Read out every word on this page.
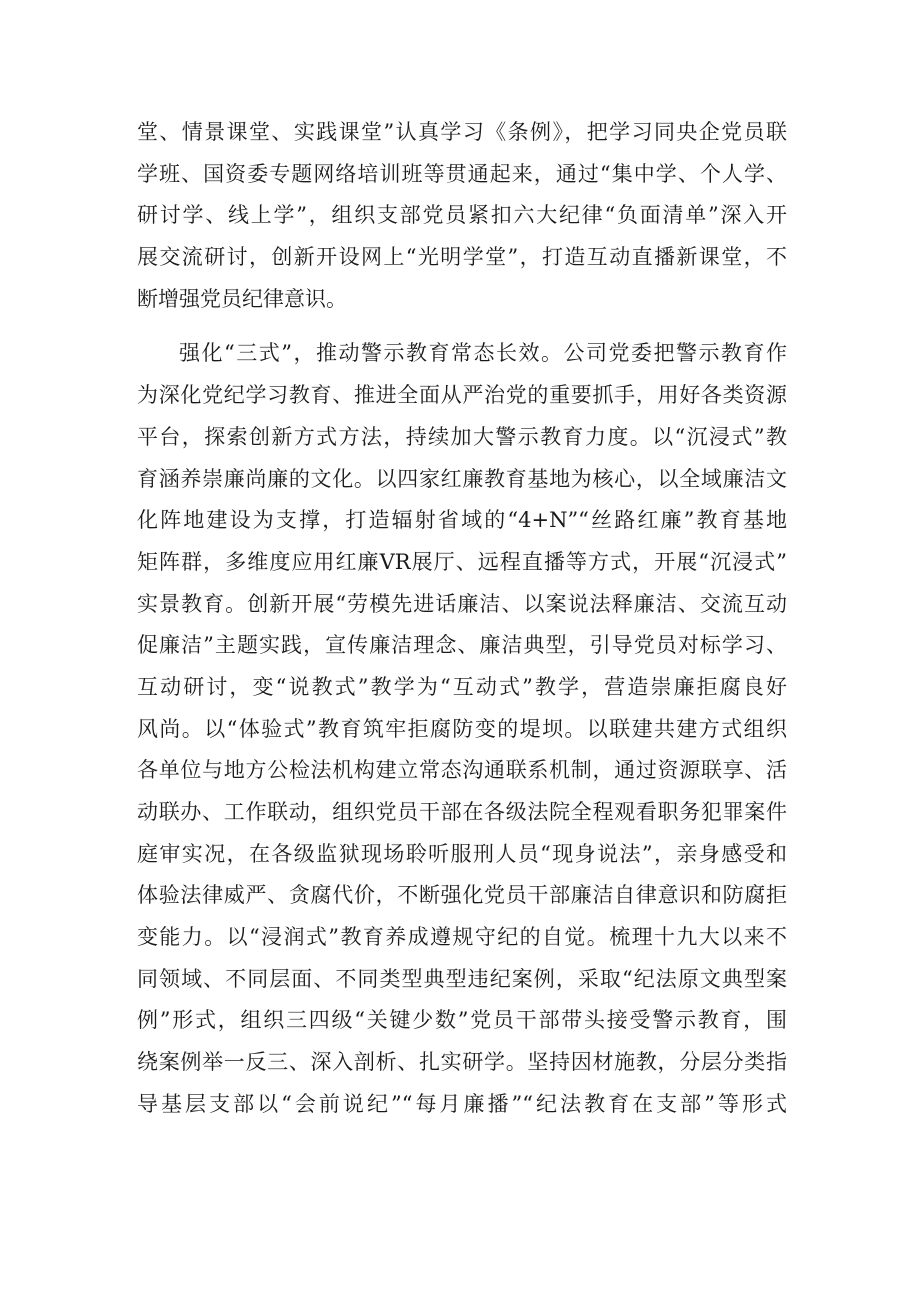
堂、情景课堂、实践课堂”认真学习《条例》，把学习同央企党员联
学班、国资委专题网络培训班等贯通起来，通过“集中学、个人学、
研讨学、线上学”，组织支部党员紧扣六大纪律“负面清单”深入开
展交流研讨，创新开设网上“光明学堂”，打造互动直播新课堂，不
断增强党员纪律意识。
强化“三式”，推动警示教育常态长效。公司党委把警示教育作
为深化党纪学习教育、推进全面从严治党的重要抓手，用好各类资源
平台，探索创新方式方法，持续加大警示教育力度。以“沉浸式”教
育涵养崇廉尚廉的文化。以四家红廉教育基地为核心，以全域廉洁文
化阵地建设为支撑，打造辐射省域的“4+N”“丝路红廉”教育基地
矩阵群，多维度应用红廉VR展厅、远程直播等方式，开展“沉浸式”
实景教育。创新开展“劳模先进话廉洁、以案说法释廉洁、交流互动
促廉洁”主题实践，宣传廉洁理念、廉洁典型，引导党员对标学习、
互动研讨，变“说教式”教学为“互动式”教学，营造崇廉拒腐良好
风尚。以“体验式”教育筑牢拒腐防变的堤坝。以联建共建方式组织
各单位与地方公检法机构建立常态沟通联系机制，通过资源联享、活
动联办、工作联动，组织党员干部在各级法院全程观看职务犯罪案件
庭审实况，在各级监狱现场聆听服刑人员“现身说法”，亲身感受和
体验法律威严、贪腐代价，不断强化党员干部廉洁自律意识和防腐拒
变能力。以“浸润式”教育养成遵规守纪的自觉。梳理十九大以来不
同领域、不同层面、不同类型典型违纪案例，采取“纪法原文典型案
例”形式，组织三四级“关键少数”党员干部带头接受警示教育，围
绕案例举一反三、深入剖析、扎实研学。坚持因材施教，分层分类指
导基层支部以“会前说纪”“每月廉播”“纪法教育在支部”等形式
